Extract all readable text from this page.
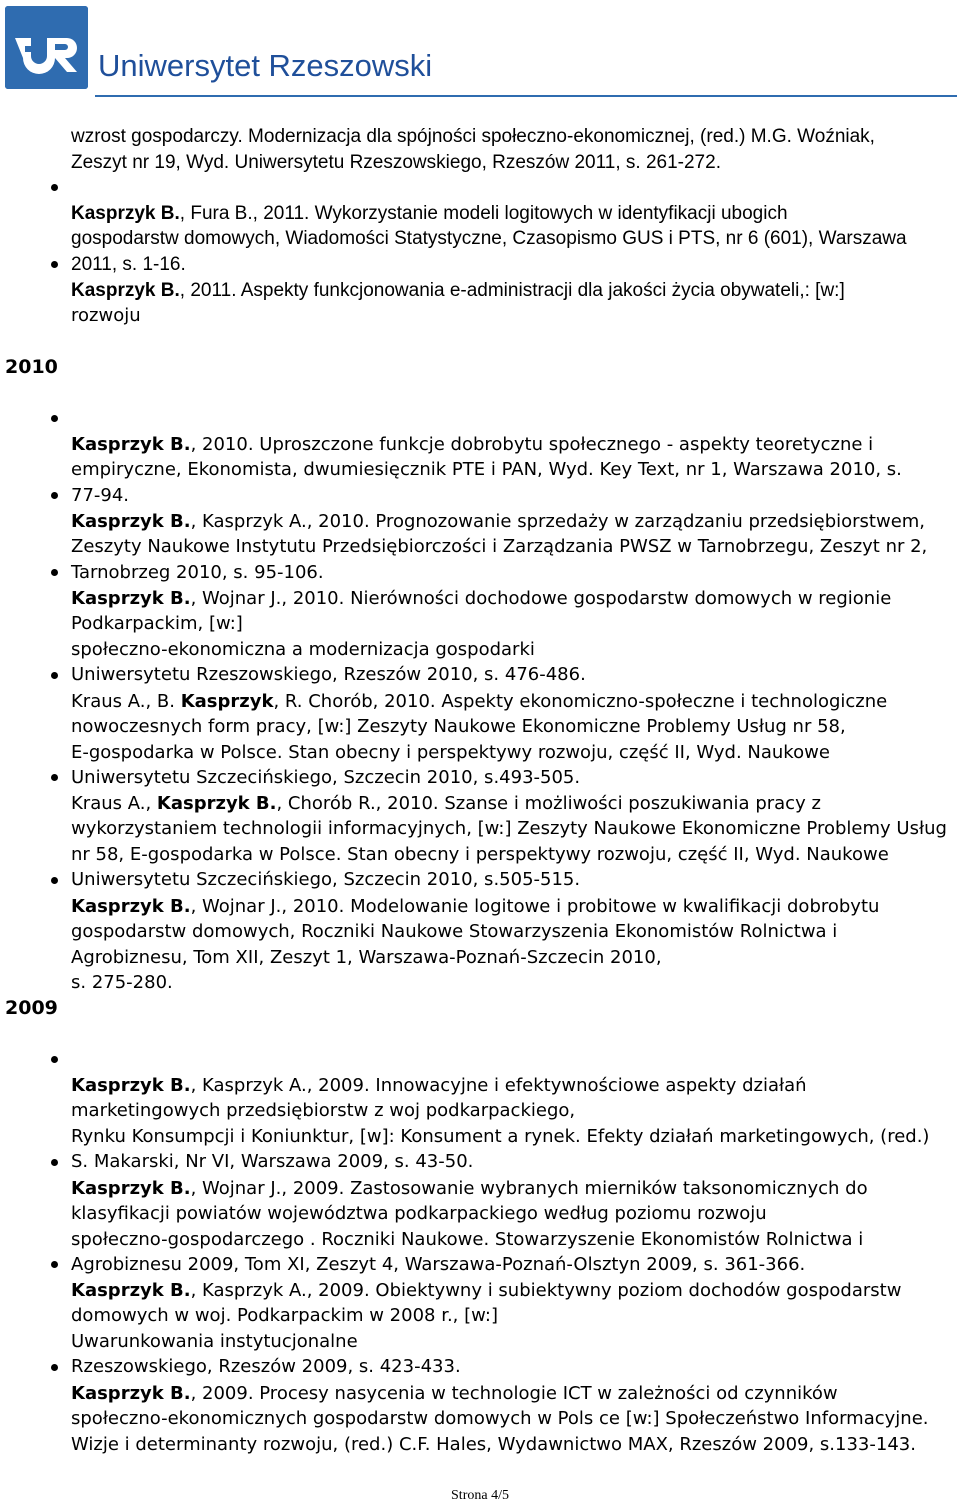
Uniwersytet Rzeszowski
wzrost gospodarczy. Modernizacja dla spójności społeczno-ekonomicznej, (red.) M.G. Woźniak,
Zeszyt nr 19, Wyd. Uniwersytetu Rzeszowskiego, Rzeszów 2011, s. 261-272.

Kasprzyk B., Fura B., 2011. Wykorzystanie modeli logitowych w identyfikacji ubogich
gospodarstw domowych, Wiadomości Statystyczne, Czasopismo GUS i PTS, nr 6 (601), Warszawa
2011, s. 1-16.

Kasprzyk B., 2011. Aspekty funkcjonowania e-administracji dla jakości życia obywateli,: [w:]

rozwoju
2010

Kasprzyk B., 2010. Uproszczone funkcje dobrobytu społecznego - aspekty teoretyczne i
empiryczne, Ekonomista, dwumiesięcznik PTE i PAN, Wyd. Key Text, nr 1, Warszawa 2010, s.
77-94.

Kasprzyk B., Kasprzyk A., 2010. Prognozowanie sprzedaży w zarządzaniu przedsiębiorstwem,
Zeszyty Naukowe Instytutu Przedsiębiorczości i Zarządzania PWSZ w Tarnobrzegu, Zeszyt nr 2,
Tarnobrzeg 2010, s. 95-106.

Kasprzyk B., Wojnar J., 2010. Nierówności dochodowe gospodarstw domowych w regionie
Podkarpackim, [w:]
społeczno-ekonomiczna a modernizacja gospodarki
Uniwersytetu Rzeszowskiego, Rzeszów 2010, s. 476-486.

Kraus A., B. Kasprzyk, R. Chorób, 2010. Aspekty ekonomiczno-społeczne i technologiczne
nowoczesnych form pracy, [w:] Zeszyty Naukowe Ekonomiczne Problemy Usług nr 58,
E-gospodarka w Polsce. Stan obecny i perspektywy rozwoju, część II, Wyd. Naukowe
Uniwersytetu Szczecińskiego, Szczecin 2010, s.493-505.

Kraus A., Kasprzyk B., Chorób R., 2010. Szanse i możliwości poszukiwania pracy z
wykorzystaniem technologii informacyjnych, [w:] Zeszyty Naukowe Ekonomiczne Problemy Usług
nr 58, E-gospodarka w Polsce. Stan obecny i perspektywy rozwoju, część II, Wyd. Naukowe
Uniwersytetu Szczecińskiego, Szczecin 2010, s.505-515.

Kasprzyk B., Wojnar J., 2010. Modelowanie logitowe i probitowe w kwalifikacji dobrobytu
gospodarstw domowych, Roczniki Naukowe Stowarzyszenia Ekonomistów Rolnictwa i
Agrobiznesu, Tom XII, Zeszyt 1, Warszawa-Poznań-Szczecin 2010,
s. 275-280.

2009

Kasprzyk B., Kasprzyk A., 2009. Innowacyjne i efektywnościowe aspekty działań
marketingowych przedsiębiorstw z woj podkarpackiego,
Rynku Konsumpcji i Koniunktur, [w]: Konsument a rynek. Efekty działań marketingowych, (red.)
S. Makarski, Nr VI, Warszawa 2009, s. 43-50.

Kasprzyk B., Wojnar J., 2009. Zastosowanie wybranych mierników taksonomicznych do
klasyfikacji powiatów województwa podkarpackiego według poziomu rozwoju
społeczno-gospodarczego . Roczniki Naukowe. Stowarzyszenie Ekonomistów Rolnictwa i
Agrobiznesu 2009, Tom XI, Zeszyt 4, Warszawa-Poznań-Olsztyn 2009, s. 361-366.

Kasprzyk B., Kasprzyk A., 2009. Obiektywny i subiektywny poziom dochodów gospodarstw
domowych w woj. Podkarpackim w 2008 r., [w:]
Uwarunkowania instytucjonalne
Rzeszowskiego, Rzeszów 2009, s. 423-433.

Kasprzyk B., 2009. Procesy nasycenia w technologie ICT w zależności od czynników
społeczno-ekonomicznych gospodarstw domowych w Pols ce [w:] Społeczeństwo Informacyjne.
Wizje i determinanty rozwoju, (red.) C.F. Hales, Wydawnictwo MAX, Rzeszów 2009, s.133-143.

Strona 4/5
